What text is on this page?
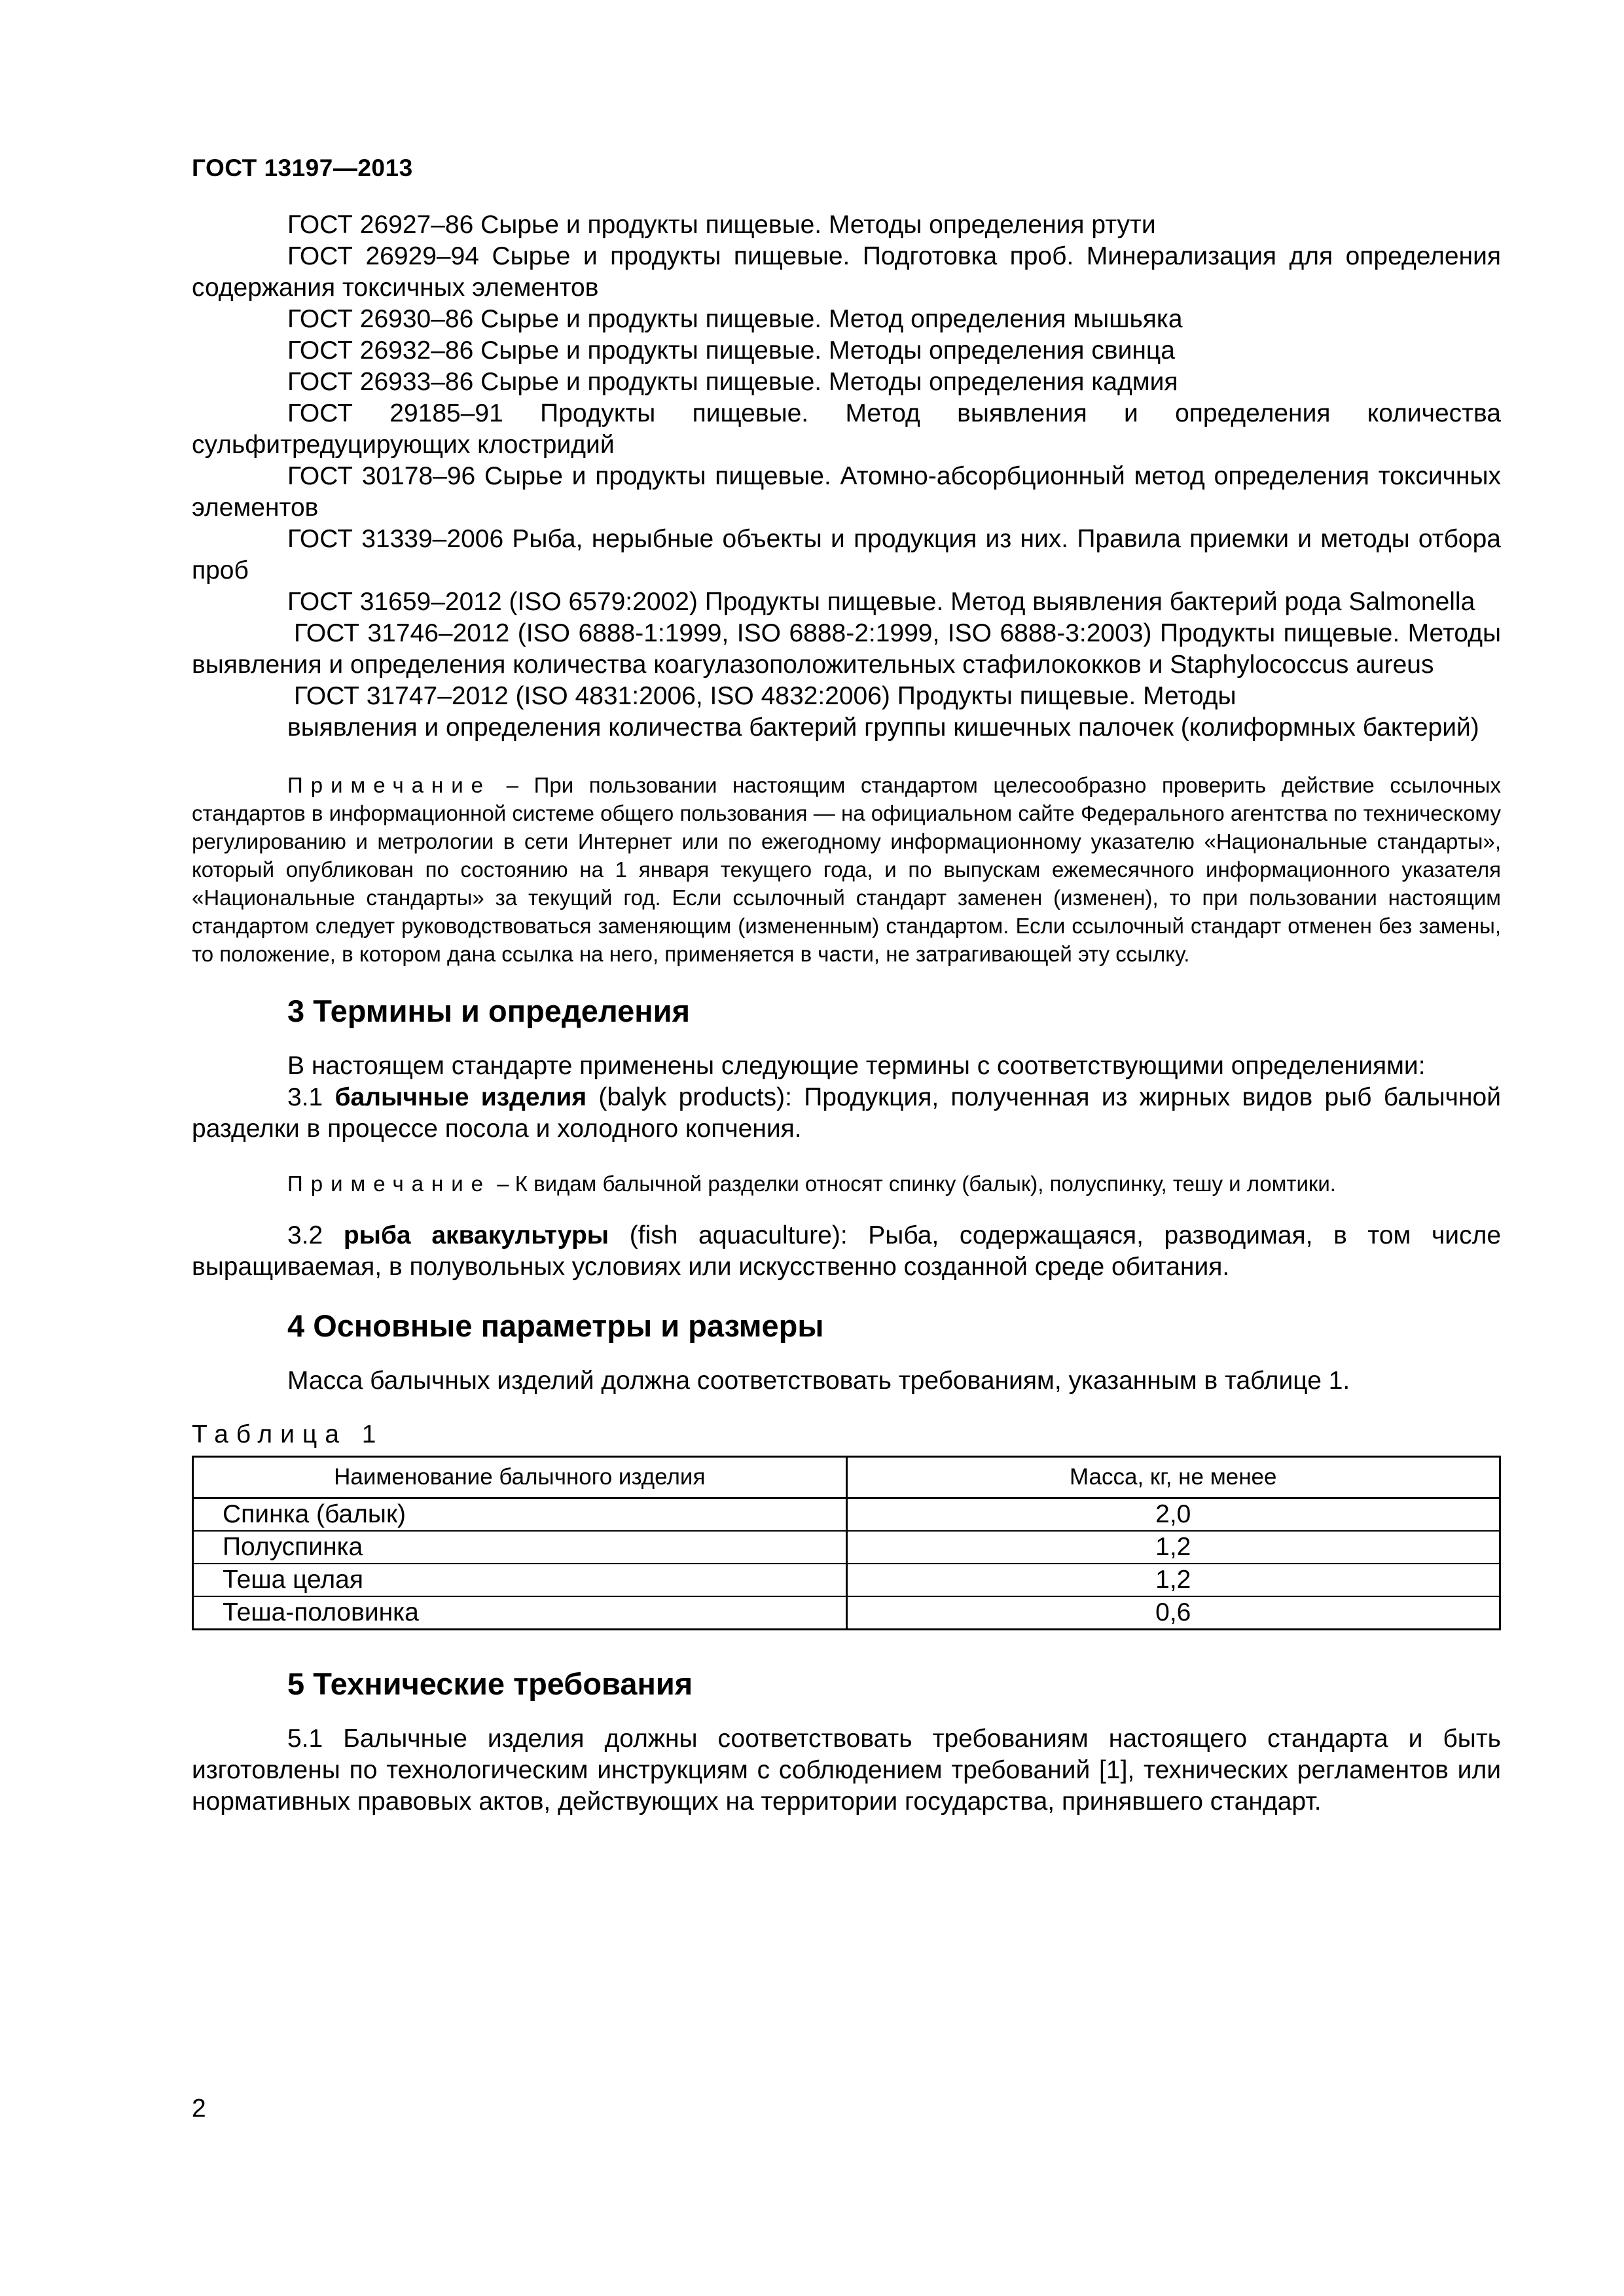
ГОСТ 13197—2013

ГОСТ 26927–86 Сырье и продукты пищевые. Методы определения ртути

ГОСТ 26929–94 Сырье и продукты пищевые. Подготовка проб. Минерализация для определения содержания токсичных элементов

ГОСТ 26930–86 Сырье и продукты пищевые. Метод определения мышьяка

ГОСТ 26932–86 Сырье и продукты пищевые. Методы определения свинца

ГОСТ 26933–86 Сырье и продукты пищевые. Методы определения кадмия

ГОСТ 29185–91 Продукты пищевые. Метод выявления и определения количества сульфитредуцирующих клостридий

ГОСТ 30178–96 Сырье и продукты пищевые. Атомно-абсорбционный метод определения токсичных элементов

ГОСТ 31339–2006 Рыба, нерыбные объекты и продукция из них. Правила приемки и методы отбора проб

ГОСТ 31659–2012 (ISO 6579:2002) Продукты пищевые. Метод выявления бактерий рода Salmonella

ГОСТ 31746–2012 (ISO 6888-1:1999, ISO 6888-2:1999, ISO 6888-3:2003) Продукты пищевые. Методы выявления и определения количества коагулазоположительных стафилококков и Staphylococcus aureus

ГОСТ 31747–2012 (ISO 4831:2006, ISO 4832:2006) Продукты пищевые. Методы

выявления и определения количества бактерий группы кишечных палочек (колиформных бактерий)

Примечание – При пользовании настоящим стандартом целесообразно проверить действие ссылочных стандартов в информационной системе общего пользования — на официальном сайте Федерального агентства по техническому регулированию и метрологии в сети Интернет или по ежегодному информационному указателю «Национальные стандарты», который опубликован по состоянию на 1 января текущего года, и по выпускам ежемесячного информационного указателя «Национальные стандарты» за текущий год. Если ссылочный стандарт заменен (изменен), то при пользовании настоящим стандартом следует руководствоваться заменяющим (измененным) стандартом. Если ссылочный стандарт отменен без замены, то положение, в котором дана ссылка на него, применяется в части, не затрагивающей эту ссылку.

3 Термины и определения

В настоящем стандарте применены следующие термины с соответствующими определениями:

3.1 балычные изделия (balyk products): Продукция, полученная из жирных видов рыб балычной разделки в процессе посола и холодного копчения.

Примечание – К видам балычной разделки относят спинку (балык), полуспинку, тешу и ломтики.

3.2 рыба аквакультуры (fish aquaculture): Рыба, содержащаяся, разводимая, в том числе выращиваемая, в полувольных условиях или искусственно созданной среде обитания.

4 Основные параметры и размеры

Масса балычных изделий должна соответствовать требованиям, указанным в таблице 1.

Таблица 1
Наименование балычного изделия	Масса, кг, не менее
Спинка (балык)	2,0
Полуспинка	1,2
Теша целая	1,2
Теша-половинка	0,6
5 Технические требования

5.1 Балычные изделия должны соответствовать требованиям настоящего стандарта и быть изготовлены по технологическим инструкциям с соблюдением требований [1], технических регламентов или нормативных правовых актов, действующих на территории государства, принявшего стандарт.

2
